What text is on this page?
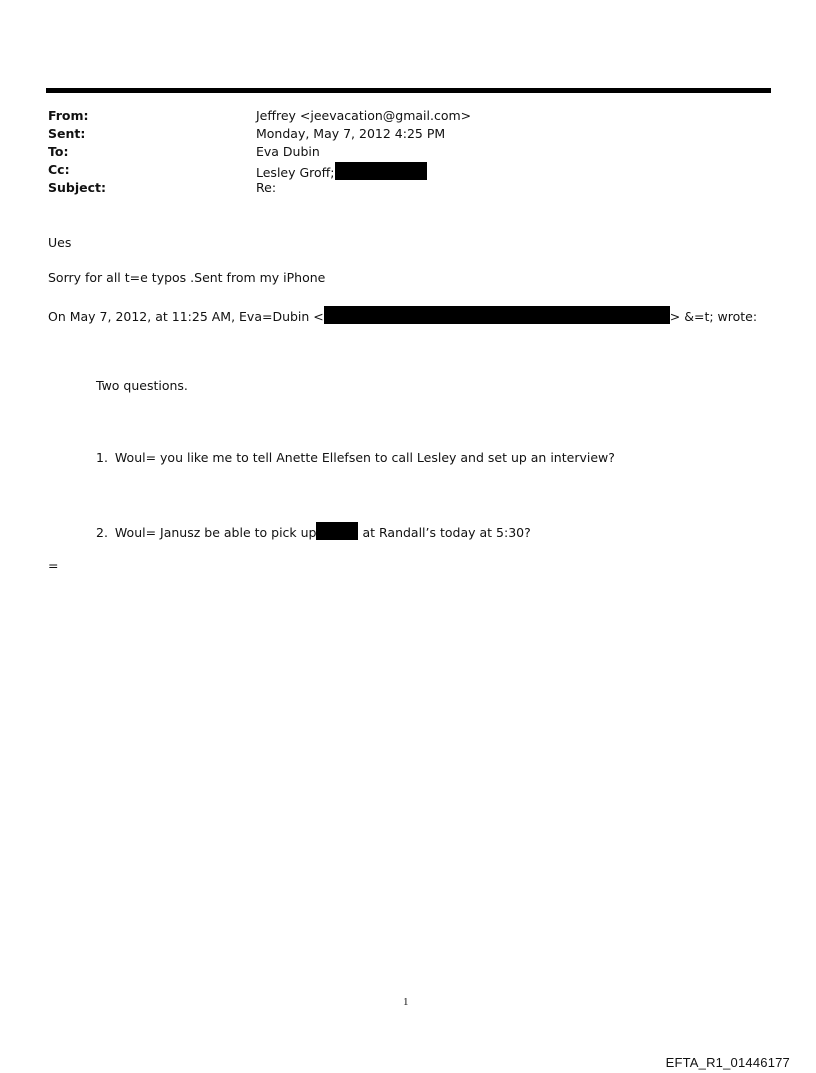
From:	Jeffrey <jeevacation@gmail.com>
Sent:	Monday, May 7, 2012 4:25 PM
To:	Eva Dubin
Cc:	Lesley Groff;
Subject:	Re:
Ues
Sorry for all t=e typos .Sent from my iPhone
On May 7, 2012, at 11:25 AM, Eva=Dubin <	> &=t; wrote:
Two questions.
1. Woul= you like me to tell Anette Ellefsen to call Lesley and set up an interview?
2. Woul= Janusz be able to pick up	at Randall’s today at 5:30?
=
1
EFTA_R1_01446177
